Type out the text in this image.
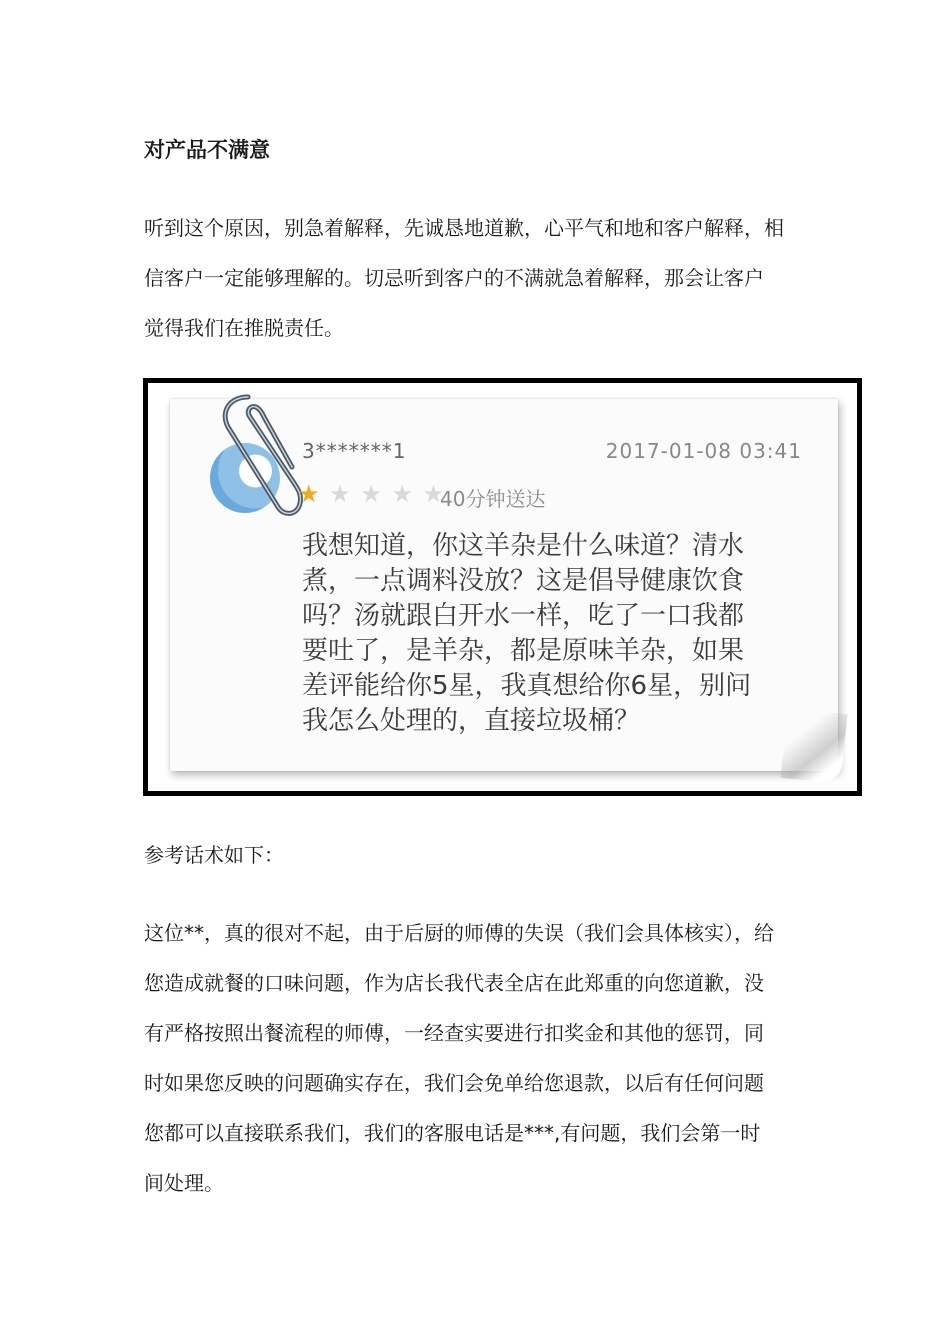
对产品不满意

听到这个原因，别急着解释，先诚恳地道歉，心平气和地和客户解释，相
信客户一定能够理解的。切忌听到客户的不满就急着解释，那会让客户
觉得我们在推脱责任。

3*******1	2017-01-08 03:41
★ ★ ★ ★ ★
40分钟送达
我想知道，你这羊杂是什么味道？清水
煮，一点调料没放？这是倡导健康饮食
吗？汤就跟白开水一样，吃了一口我都
要吐了，是羊杂，都是原味羊杂，如果
差评能给你5星，我真想给你6星，别问
我怎么处理的，直接垃圾桶？

参考话术如下：

这位**，真的很对不起，由于后厨的师傅的失误（我们会具体核实），给
您造成就餐的口味问题，作为店长我代表全店在此郑重的向您道歉，没
有严格按照出餐流程的师傅，一经查实要进行扣奖金和其他的惩罚，同
时如果您反映的问题确实存在，我们会免单给您退款，以后有任何问题
您都可以直接联系我们，我们的客服电话是***,有问题，我们会第一时
间处理。
